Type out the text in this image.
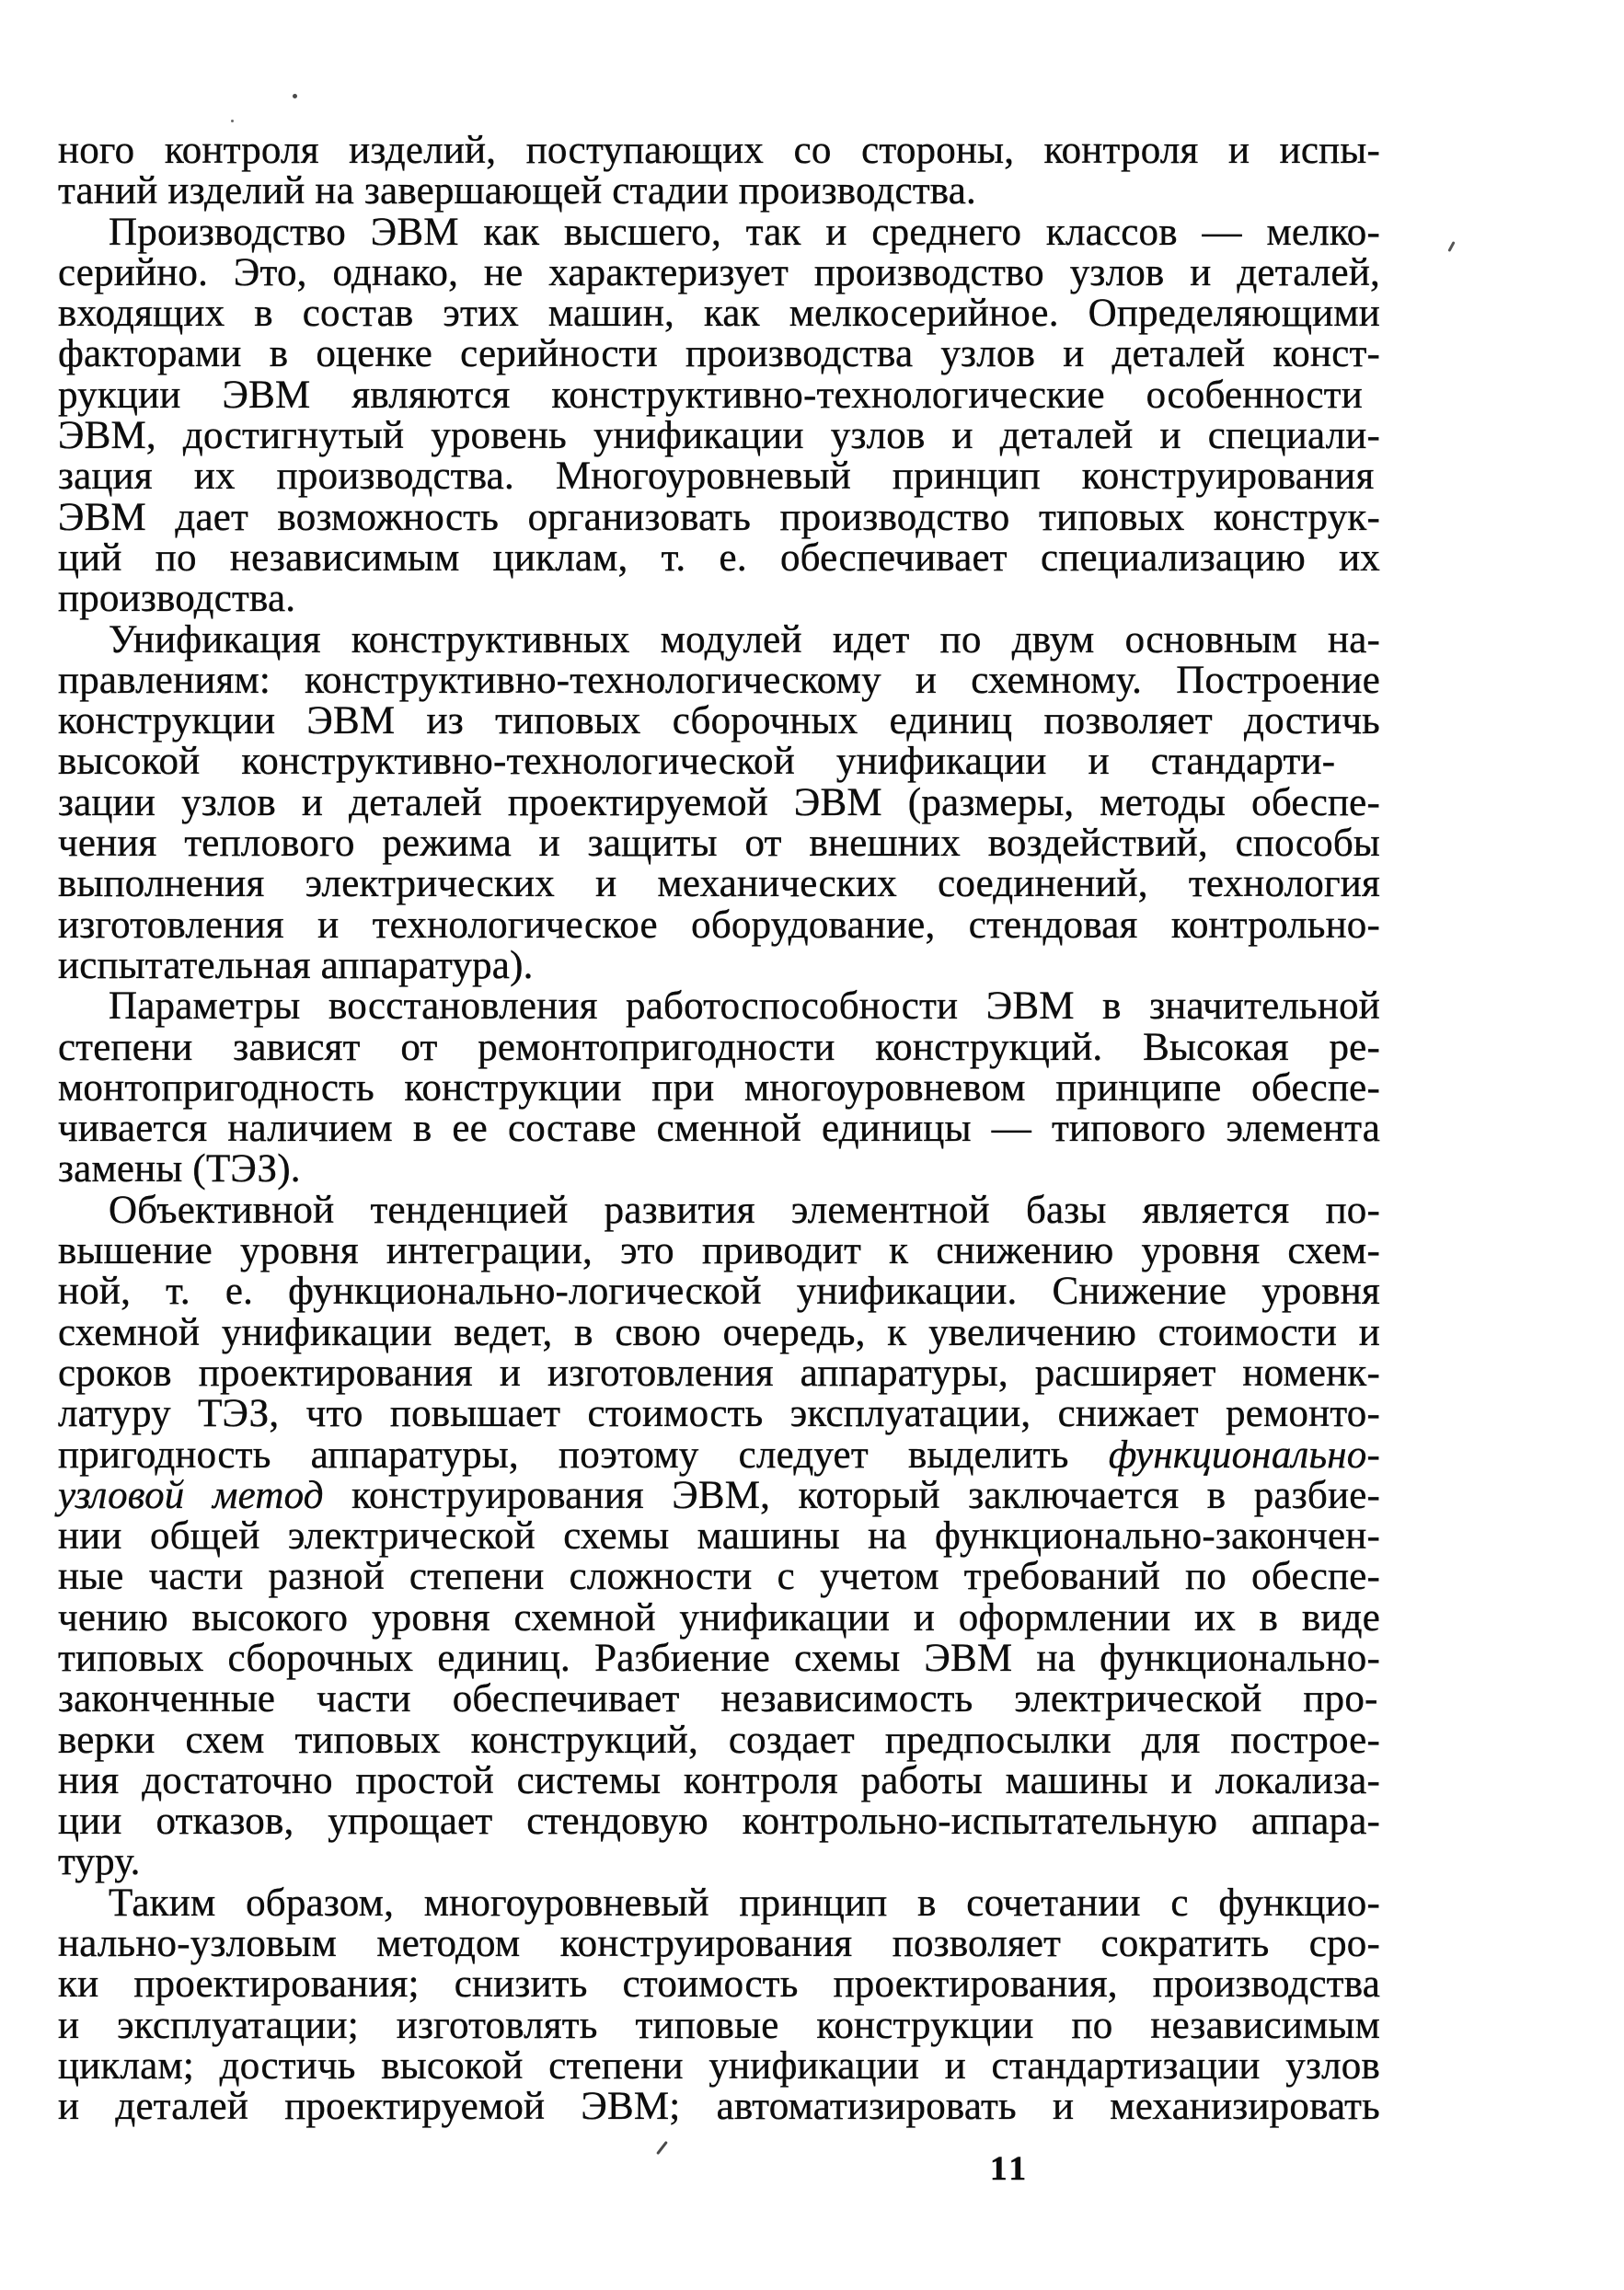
ного контроля изделий, поступающих со стороны, контроля и испы-
таний изделий на завершающей стадии производства.
Производство ЭВМ как высшего, так и среднего классов — мелко-
серийно. Это, однако, не характеризует производство узлов и деталей,
входящих в состав этих машин, как мелкосерийное. Определяющими
факторами в оценке серийности производства узлов и деталей конст-
рукции ЭВМ являются конструктивно-технологические особенности
ЭВМ, достигнутый уровень унификации узлов и деталей и специали-
зация их производства. Многоуровневый принцип конструирования
ЭВМ дает возможность организовать производство типовых конструк-
ций по независимым циклам, т. е. обеспечивает специализацию их
производства.
Унификация конструктивных модулей идет по двум основным на-
правлениям: конструктивно-технологическому и схемному. Построение
конструкции ЭВМ из типовых сборочных единиц позволяет достичь
высокой конструктивно-технологической унификации и стандарти-
зации узлов и деталей проектируемой ЭВМ (размеры, методы обеспе-
чения теплового режима и защиты от внешних воздействий, способы
выполнения электрических и механических соединений, технология
изготовления и технологическое оборудование, стендовая контрольно-
испытательная аппаратура).
Параметры восстановления работоспособности ЭВМ в значительной
степени зависят от ремонтопригодности конструкций. Высокая ре-
монтопригодность конструкции при многоуровневом принципе обеспе-
чивается наличием в ее составе сменной единицы — типового элемента
замены (ТЭЗ).
Объективной тенденцией развития элементной базы является по-
вышение уровня интеграции, это приводит к снижению уровня схем-
ной, т. е. функционально-логической унификации. Снижение уровня
схемной унификации ведет, в свою очередь, к увеличению стоимости и
сроков проектирования и изготовления аппаратуры, расширяет номенк-
латуру ТЭЗ, что повышает стоимость эксплуатации, снижает ремонто-
пригодность аппаратуры, поэтому следует выделить функционально-
узловой метод конструирования ЭВМ, который заключается в разбие-
нии общей электрической схемы машины на функционально-закончен-
ные части разной степени сложности с учетом требований по обеспе-
чению высокого уровня схемной унификации и оформлении их в виде
типовых сборочных единиц. Разбиение схемы ЭВМ на функционально-
законченные части обеспечивает независимость электрической про-
верки схем типовых конструкций, создает предпосылки для построе-
ния достаточно простой системы контроля работы машины и локализа-
ции отказов, упрощает стендовую контрольно-испытательную аппара-
туру.
Таким образом, многоуровневый принцип в сочетании с функцио-
нально-узловым методом конструирования позволяет сократить сро-
ки проектирования; снизить стоимость проектирования, производства
и эксплуатации; изготовлять типовые конструкции по независимым
циклам; достичь высокой степени унификации и стандартизации узлов
и деталей проектируемой ЭВМ; автоматизировать и механизировать
11
